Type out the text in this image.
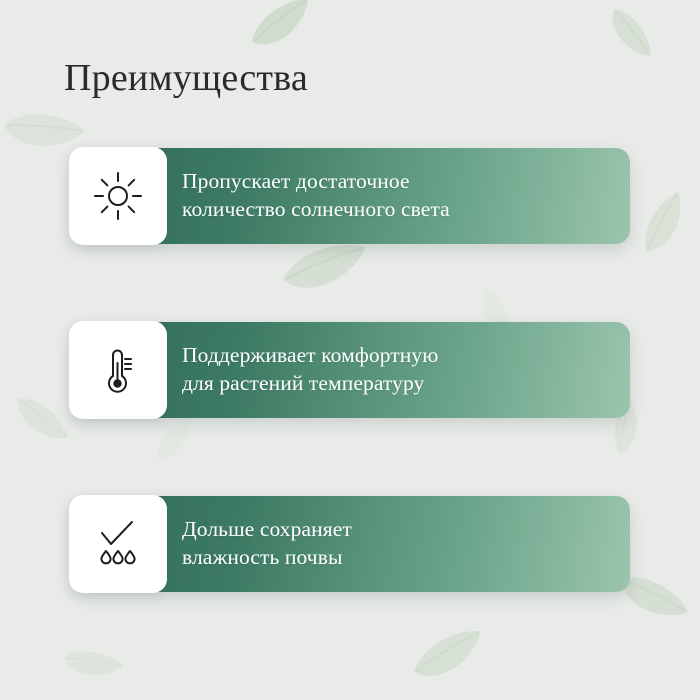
Преимущества
Пропускает достаточное
количество солнечного света
Поддерживает комфортную
для растений температуру
Дольше сохраняет
влажность почвы
